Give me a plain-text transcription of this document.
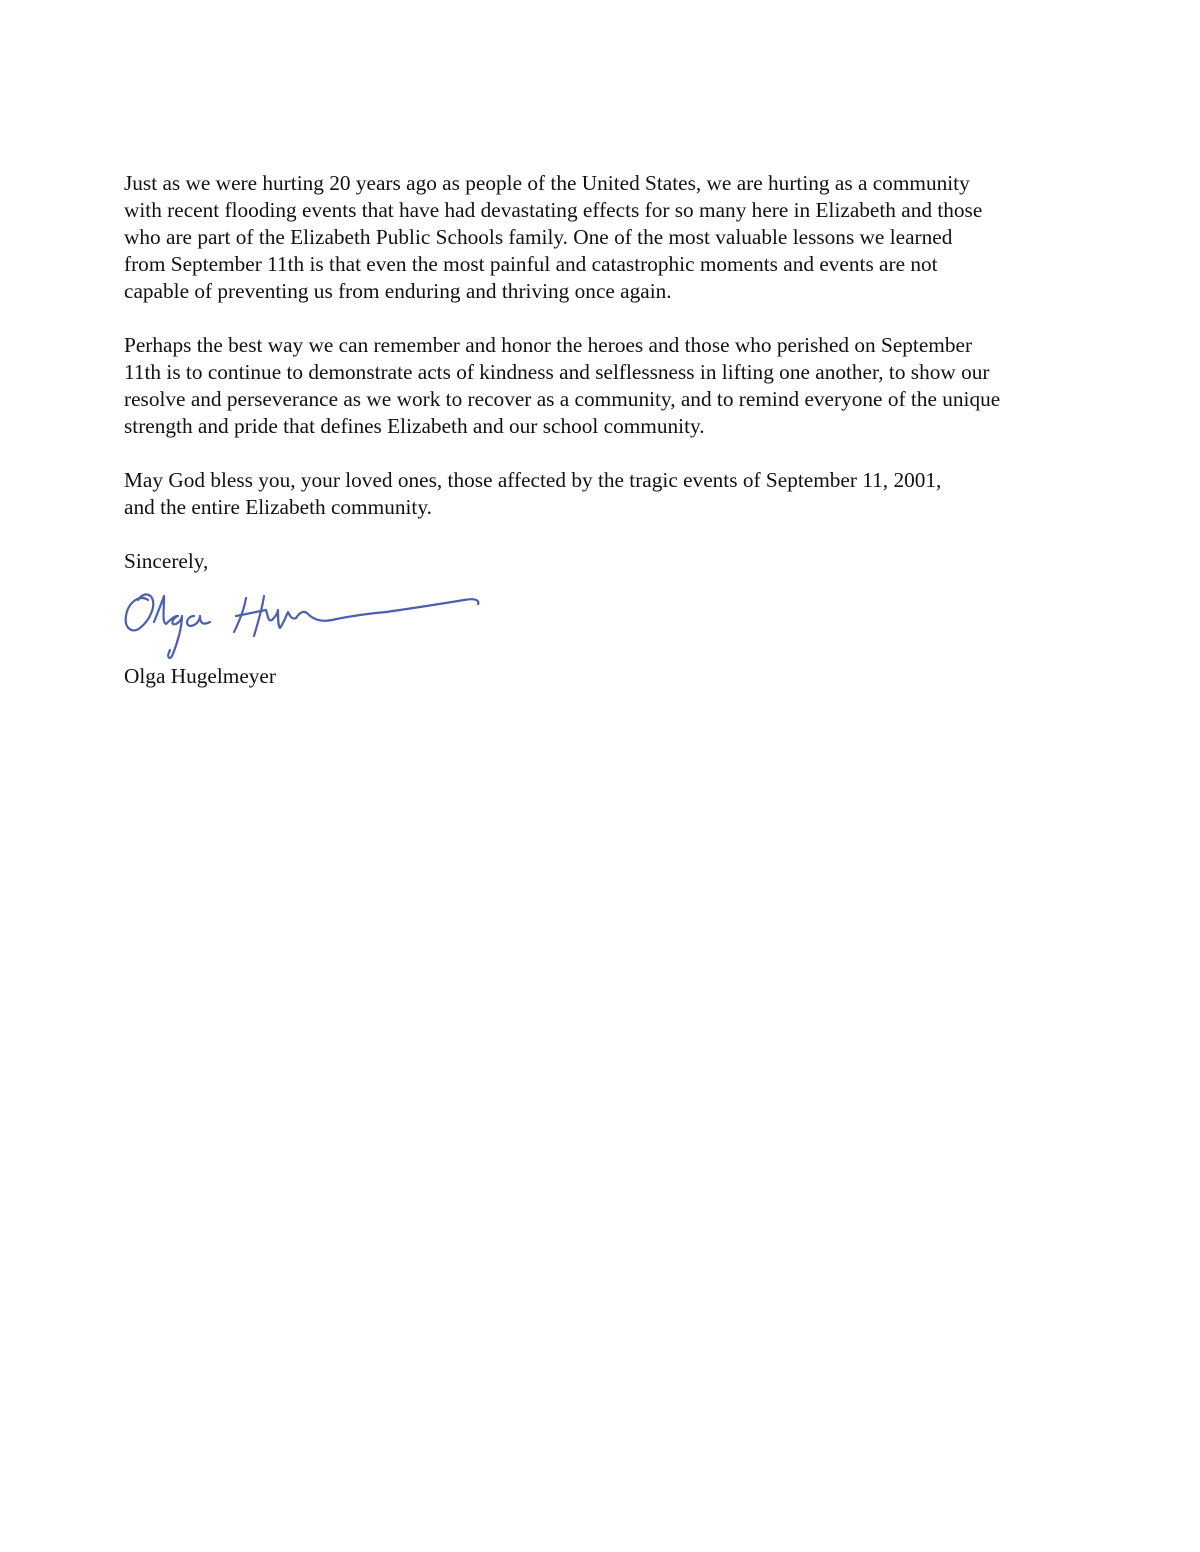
Just as we were hurting 20 years ago as people of the United States, we are hurting as a community
with recent flooding events that have had devastating effects for so many here in Elizabeth and those
who are part of the Elizabeth Public Schools family. One of the most valuable lessons we learned
from September 11th is that even the most painful and catastrophic moments and events are not
capable of preventing us from enduring and thriving once again.

Perhaps the best way we can remember and honor the heroes and those who perished on September
11th is to continue to demonstrate acts of kindness and selflessness in lifting one another, to show our
resolve and perseverance as we work to recover as a community, and to remind everyone of the unique
strength and pride that defines Elizabeth and our school community.

May God bless you, your loved ones, those affected by the tragic events of September 11, 2001,
and the entire Elizabeth community.

Sincerely,

Olga Hugelmeyer
